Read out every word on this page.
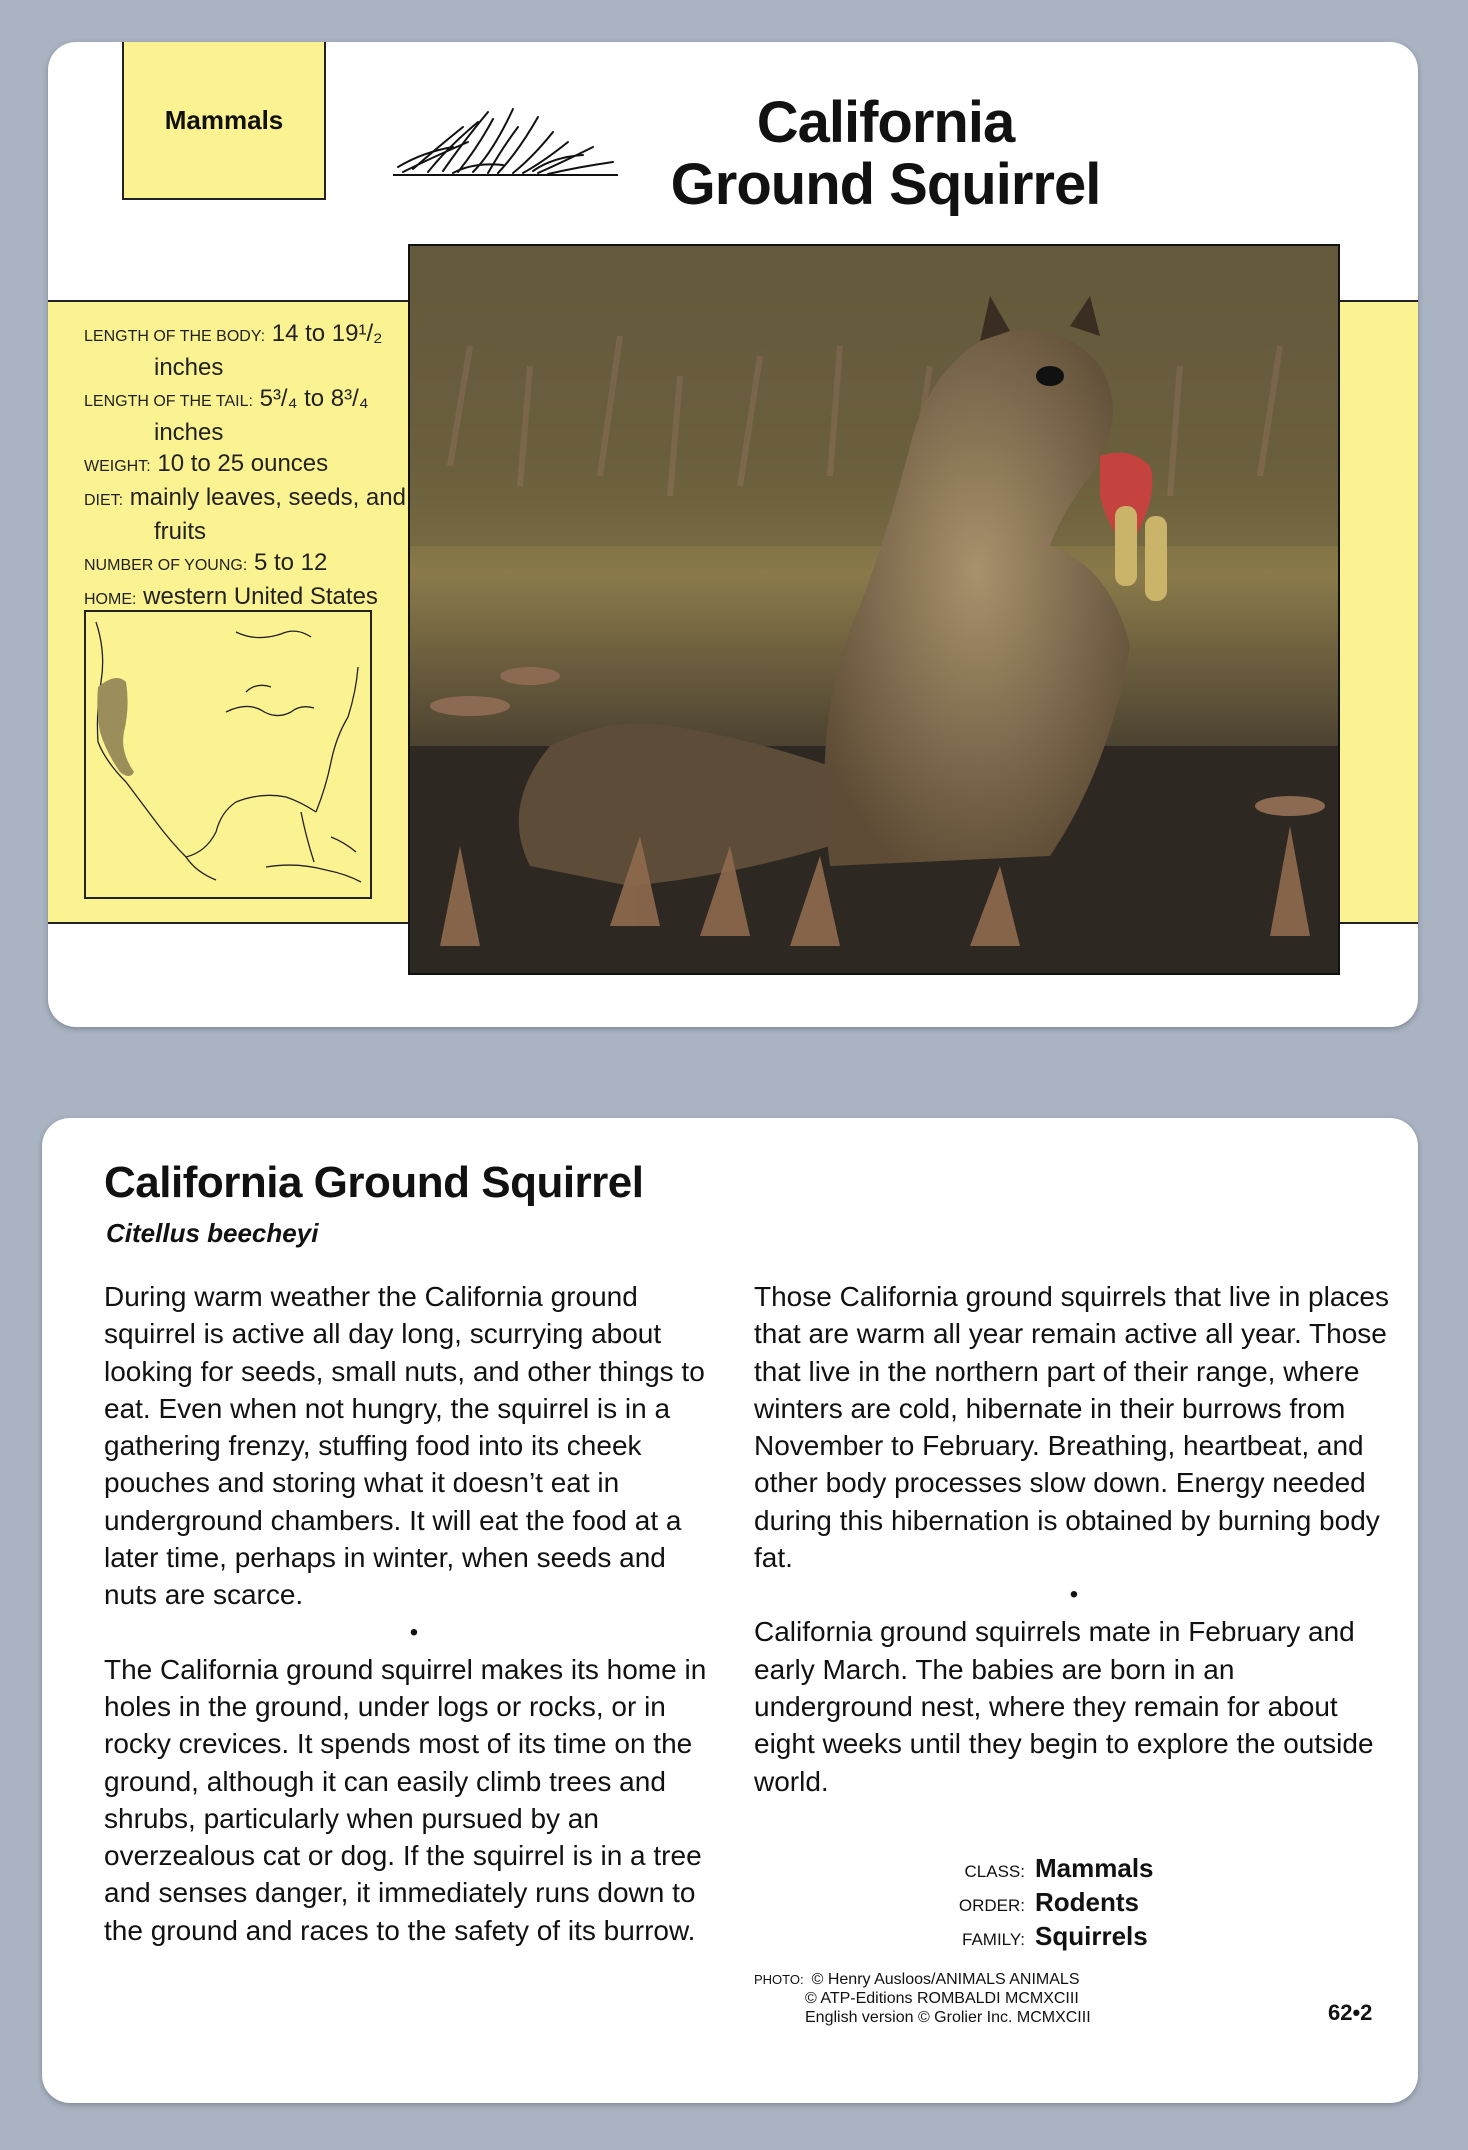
Mammals	California
Ground Squirrel
LENGTH OF THE BODY: 14 to 19¹/₂
inches
LENGTH OF THE TAIL: 5³/₄ to 8³/₄
inches
WEIGHT: 10 to 25 ounces
DIET: mainly leaves, seeds, and
fruits
NUMBER OF YOUNG: 5 to 12
HOME: western United States
California Ground Squirrel
Citellus beecheyi

During warm weather the California ground squirrel is active all day long, scurrying about looking for seeds, small nuts, and other things to eat. Even when not hungry, the squirrel is in a gathering frenzy, stuffing food into its cheek pouches and storing what it doesn’t eat in underground chambers. It will eat the food at a later time, perhaps in winter, when seeds and nuts are scarce.

•

The California ground squirrel makes its home in holes in the ground, under logs or rocks, or in rocky crevices. It spends most of its time on the ground, although it can easily climb trees and shrubs, particularly when pursued by an overzealous cat or dog. If the squirrel is in a tree and senses danger, it immediately runs down to the ground and races to the safety of its burrow.

Those California ground squirrels that live in places that are warm all year remain active all year. Those that live in the northern part of their range, where winters are cold, hibernate in their burrows from November to February. Breathing, heartbeat, and other body processes slow down. Energy needed during this hibernation is obtained by burning body fat.

•

California ground squirrels mate in February and early March. The babies are born in an underground nest, where they remain for about eight weeks until they begin to explore the outside world.

CLASS: Mammals
ORDER: Rodents
FAMILY: Squirrels
PHOTO: © Henry Ausloos/ANIMALS ANIMALS
© ATP-Editions ROMBALDI MCMXCIII
English version © Grolier Inc. MCMXCIII	62•2
